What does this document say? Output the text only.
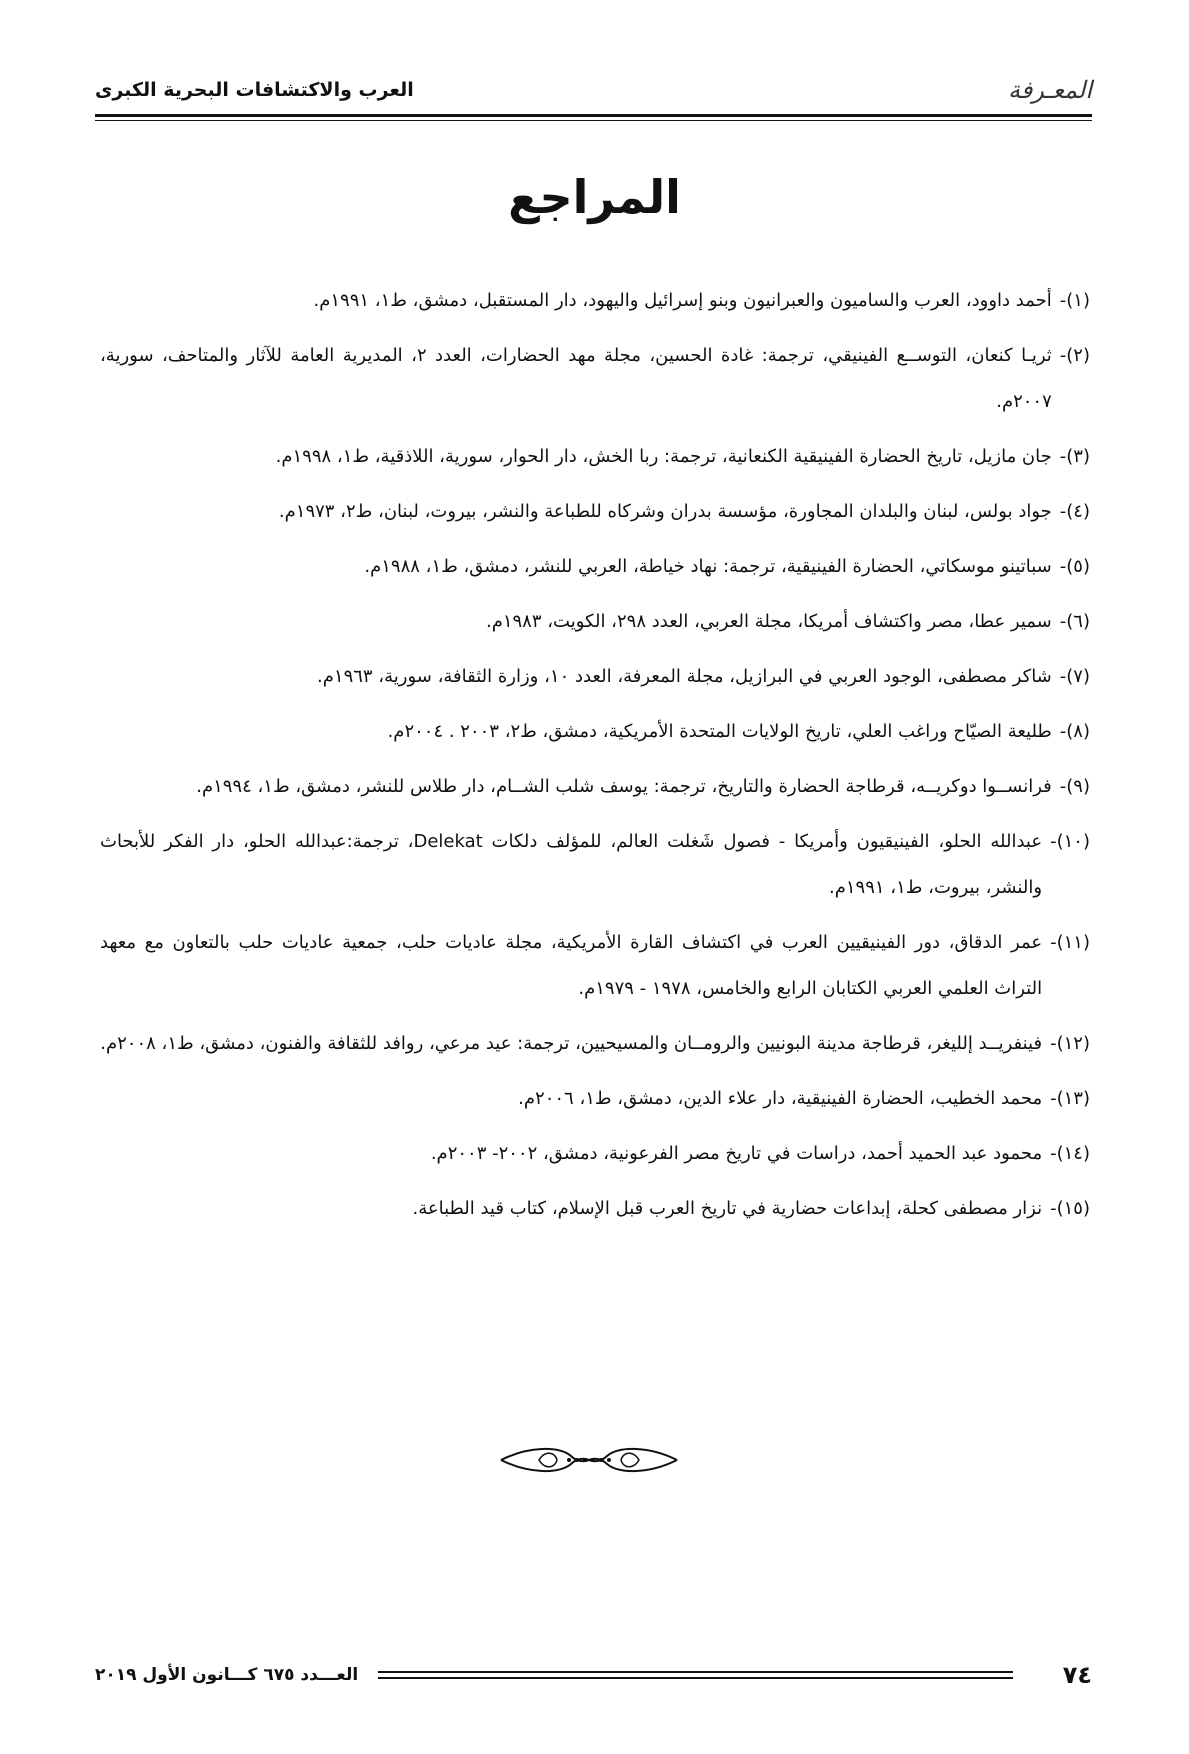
المعـرفة
العرب والاكتشافات البحرية الكبرى
المراجع
(١)-
أحمد داوود، العرب والساميون والعبرانيون وبنو إسرائيل واليهود، دار المستقبل، دمشق، ط١، ١٩٩١م.
(٢)-
ثريـا كنعان، التوســع الفينيقي، ترجمة: غادة الحسين، مجلة مهد الحضارات، العدد ٢، المديرية العامة للآثار والمتاحف، سورية، ٢٠٠٧م.
(٣)-
جان مازيل، تاريخ الحضارة الفينيقية الكنعانية، ترجمة: ربا الخش، دار الحوار، سورية، اللاذقية، ط١، ١٩٩٨م.
(٤)-
جواد بولس، لبنان والبلدان المجاورة، مؤسسة بدران وشركاه للطباعة والنشر، بيروت، لبنان، ط٢، ١٩٧٣م.
(٥)-
سباتينو موسكاتي، الحضارة الفينيقية، ترجمة: نهاد خياطة، العربي للنشر، دمشق، ط١، ١٩٨٨م.
(٦)-
سمير عطا، مصر واكتشاف أمريكا، مجلة العربي، العدد ٢٩٨، الكويت، ١٩٨٣م.
(٧)-
شاكر مصطفى، الوجود العربي في البرازيل، مجلة المعرفة، العدد ١٠، وزارة الثقافة، سورية، ١٩٦٣م.
(٨)-
طليعة الصيّاح وراغب العلي، تاريخ الولايات المتحدة الأمريكية، دمشق، ط٢، ٢٠٠٣ . ٢٠٠٤م.
(٩)-
فرانســوا دوكريــه، قرطاجة الحضارة والتاريخ، ترجمة: يوسف شلب الشــام، دار طلاس للنشر، دمشق، ط١، ١٩٩٤م.
(١٠)-
عبدالله الحلو، الفينيقيون وأمريكا - فصول شَغلت العالم، للمؤلف دلكات Delekat، ترجمة:عبدالله الحلو، دار الفكر للأبحاث والنشر، بيروت، ط١، ١٩٩١م.
(١١)-
عمر الدقاق، دور الفينيقيين العرب في اكتشاف القارة الأمريكية، مجلة عاديات حلب، جمعية عاديات حلب بالتعاون مع معهد التراث العلمي العربي الكتابان الرابع والخامس، ١٩٧٨ - ١٩٧٩م.
(١٢)-
فينفريــد إلليغر، قرطاجة مدينة البونيين والرومــان والمسيحيين، ترجمة: عيد مرعي، روافد للثقافة والفنون، دمشق، ط١، ٢٠٠٨م.
(١٣)-
محمد الخطيب، الحضارة الفينيقية، دار علاء الدين، دمشق، ط١، ٢٠٠٦م.
(١٤)-
محمود عبد الحميد أحمد، دراسات في تاريخ مصر الفرعونية، دمشق، ٢٠٠٢- ٢٠٠٣م.
(١٥)-
نزار مصطفى كحلة، إبداعات حضارية في تاريخ العرب قبل الإسلام، كتاب قيد الطباعة.
٧٤
العـــدد ٦٧٥ كـــانون الأول ٢٠١٩
